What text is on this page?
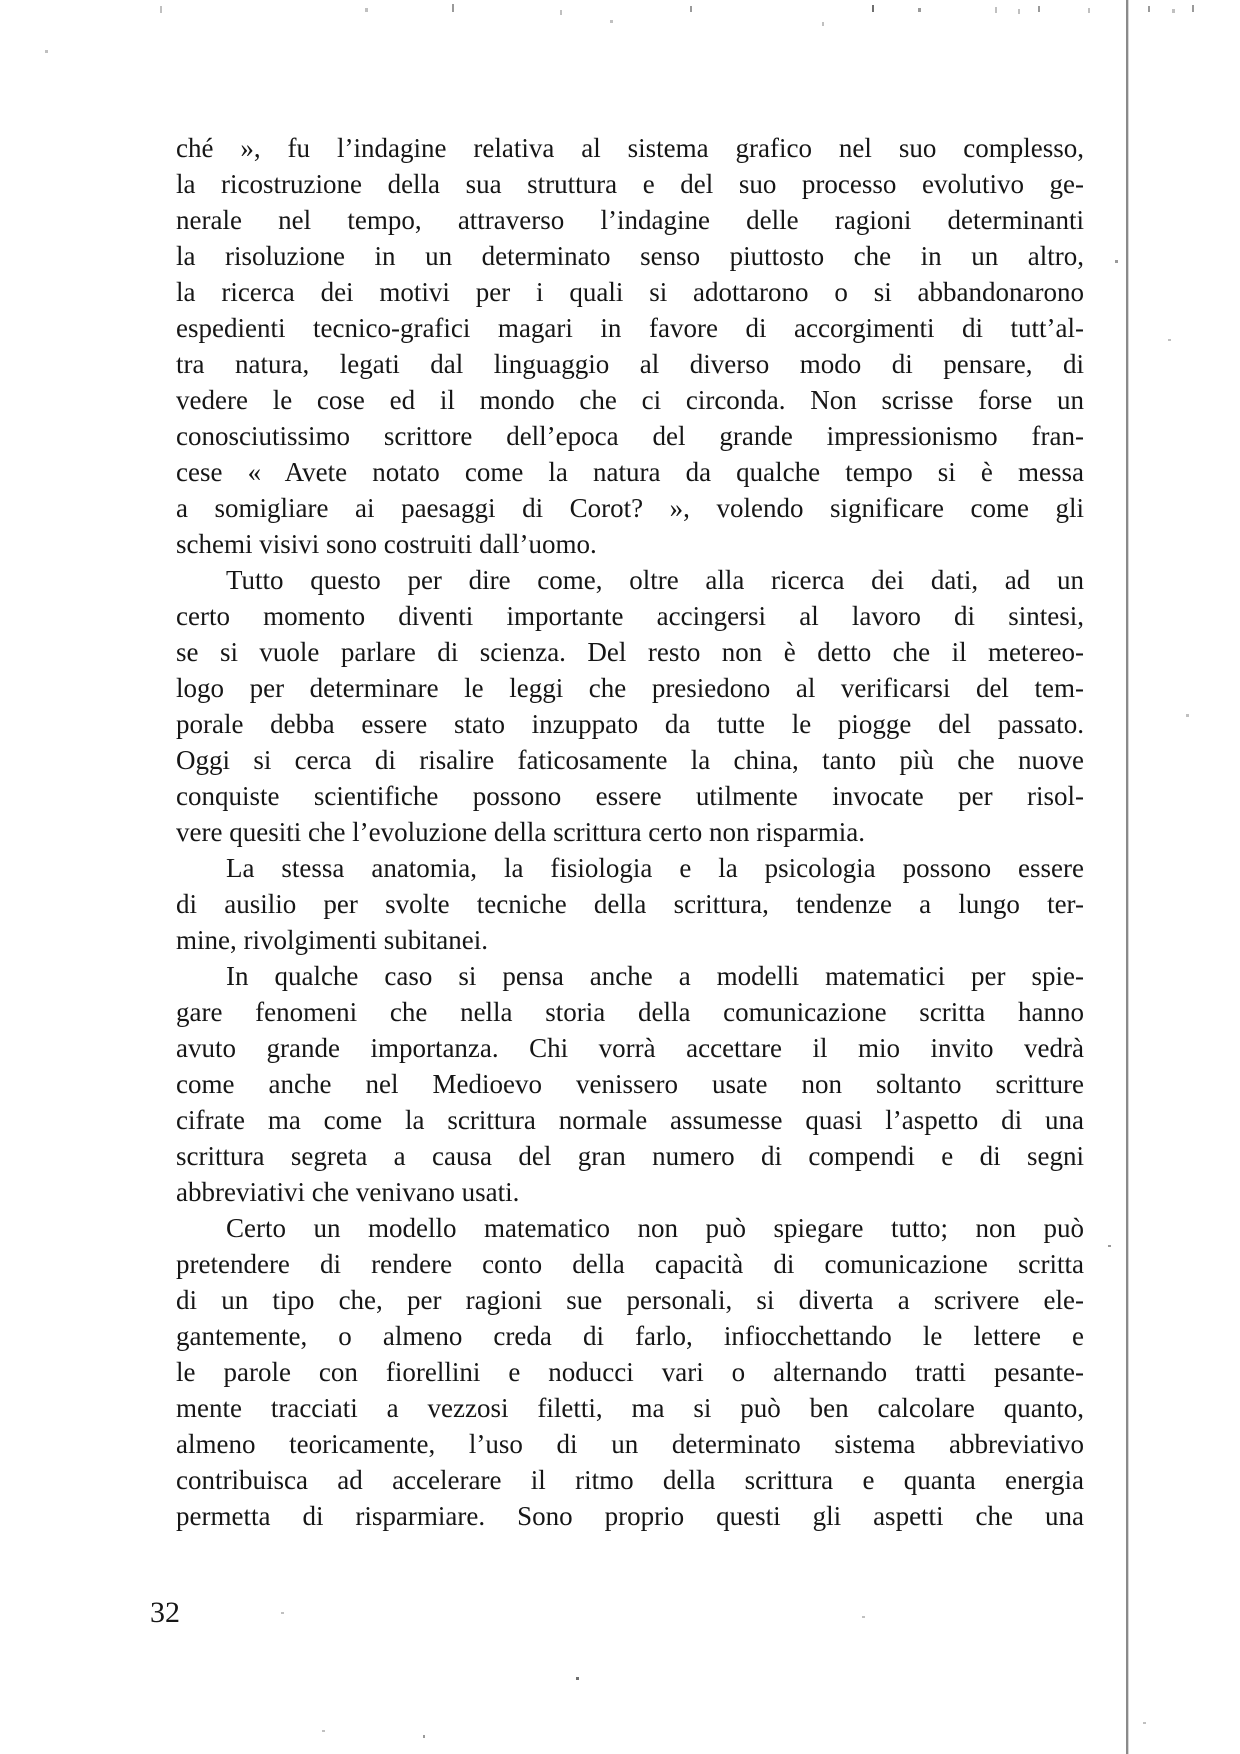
ché », fu l’indagine relativa al sistema grafico nel suo complesso,
la ricostruzione della sua struttura e del suo processo evolutivo ge-
nerale nel tempo, attraverso l’indagine delle ragioni determinanti
la risoluzione in un determinato senso piuttosto che in un altro,
la ricerca dei motivi per i quali si adottarono o si abbandonarono
espedienti tecnico-grafici magari in favore di accorgimenti di tutt’al-
tra natura, legati dal linguaggio al diverso modo di pensare, di
vedere le cose ed il mondo che ci circonda. Non scrisse forse un
conosciutissimo scrittore dell’epoca del grande impressionismo fran-
cese « Avete notato come la natura da qualche tempo si è messa
a somigliare ai paesaggi di Corot? », volendo significare come gli
schemi visivi sono costruiti dall’uomo.
Tutto questo per dire come, oltre alla ricerca dei dati, ad un
certo momento diventi importante accingersi al lavoro di sintesi,
se si vuole parlare di scienza. Del resto non è detto che il metereo-
logo per determinare le leggi che presiedono al verificarsi del tem-
porale debba essere stato inzuppato da tutte le piogge del passato.
Oggi si cerca di risalire faticosamente la china, tanto più che nuove
conquiste scientifiche possono essere utilmente invocate per risol-
vere quesiti che l’evoluzione della scrittura certo non risparmia.
La stessa anatomia, la fisiologia e la psicologia possono essere
di ausilio per svolte tecniche della scrittura, tendenze a lungo ter-
mine, rivolgimenti subitanei.
In qualche caso si pensa anche a modelli matematici per spie-
gare fenomeni che nella storia della comunicazione scritta hanno
avuto grande importanza. Chi vorrà accettare il mio invito vedrà
come anche nel Medioevo venissero usate non soltanto scritture
cifrate ma come la scrittura normale assumesse quasi l’aspetto di una
scrittura segreta a causa del gran numero di compendi e di segni
abbreviativi che venivano usati.
Certo un modello matematico non può spiegare tutto; non può
pretendere di rendere conto della capacità di comunicazione scritta
di un tipo che, per ragioni sue personali, si diverta a scrivere ele-
gantemente, o almeno creda di farlo, infiocchettando le lettere e
le parole con fiorellini e noducci vari o alternando tratti pesante-
mente tracciati a vezzosi filetti, ma si può ben calcolare quanto,
almeno teoricamente, l’uso di un determinato sistema abbreviativo
contribuisca ad accelerare il ritmo della scrittura e quanta energia
permetta di risparmiare. Sono proprio questi gli aspetti che una
32
